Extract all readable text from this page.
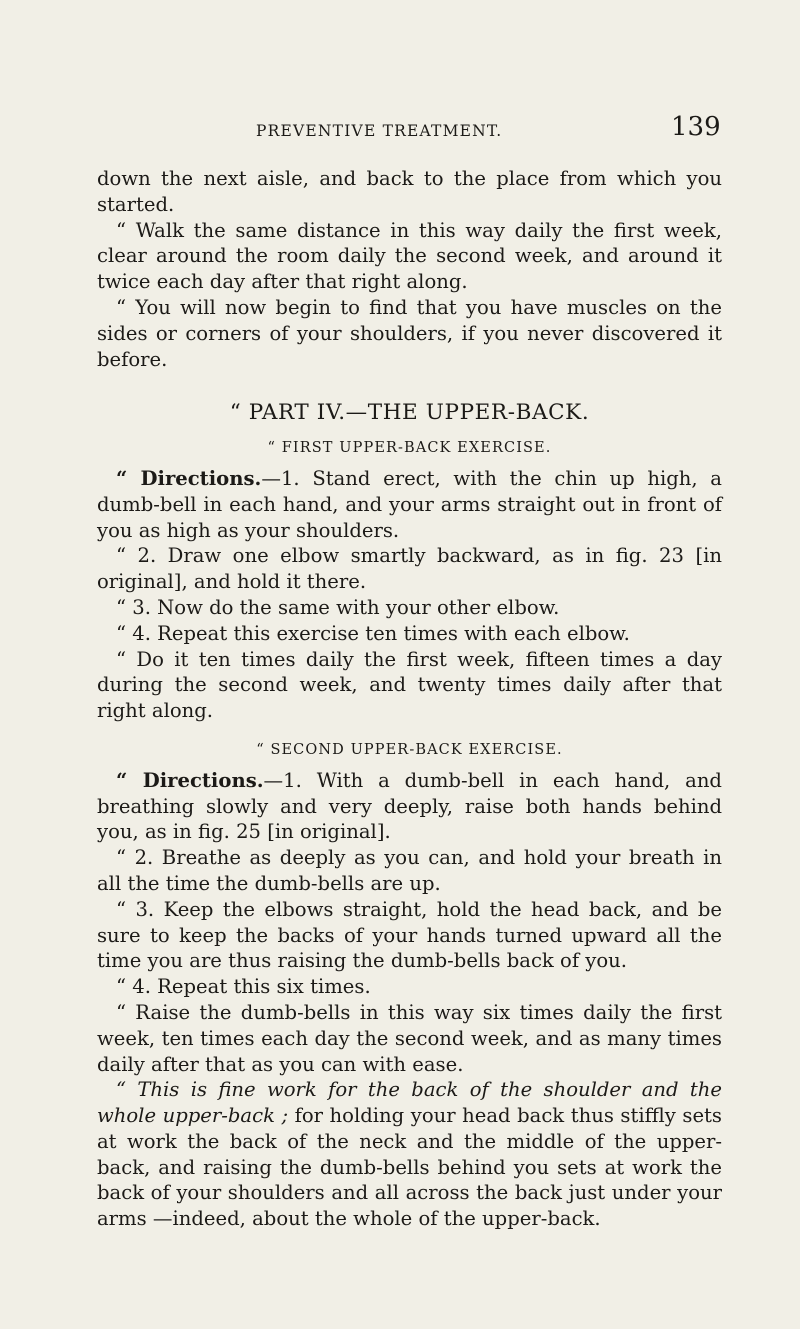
PREVENTIVE TREATMENT.	139

down the next aisle, and back to the place from which you started.

“ Walk the same distance in this way daily the first week, clear around the room daily the second week, and around it twice each day after that right along.

“ You will now begin to find that you have muscles on the sides or corners of your shoulders, if you never discovered it before.

“ PART IV.—THE UPPER-BACK.
“ FIRST UPPER-BACK EXERCISE.

“ Directions.—1. Stand erect, with the chin up high, a dumb-bell in each hand, and your arms straight out in front of you as high as your shoulders.

“ 2. Draw one elbow smartly backward, as in fig. 23 [in original], and hold it there.

“ 3. Now do the same with your other elbow.

“ 4. Repeat this exercise ten times with each elbow.

“ Do it ten times daily the first week, fifteen times a day during the second week, and twenty times daily after that right along.

“ SECOND UPPER-BACK EXERCISE.

“ Directions.—1. With a dumb-bell in each hand, and breathing slowly and very deeply, raise both hands behind you, as in fig. 25 [in original].

“ 2. Breathe as deeply as you can, and hold your breath in all the time the dumb-bells are up.

“ 3. Keep the elbows straight, hold the head back, and be sure to keep the backs of your hands turned upward all the time you are thus raising the dumb-bells back of you.

“ 4. Repeat this six times.

“ Raise the dumb-bells in this way six times daily the first week, ten times each day the second week, and as many times daily after that as you can with ease.

“ This is fine work for the back of the shoulder and the whole upper-back ; for holding your head back thus stiffly sets at work the back of the neck and the middle of the upper-back, and raising the dumb-bells behind you sets at work the back of your shoulders and all across the back just under your arms —indeed, about the whole of the upper-back.
